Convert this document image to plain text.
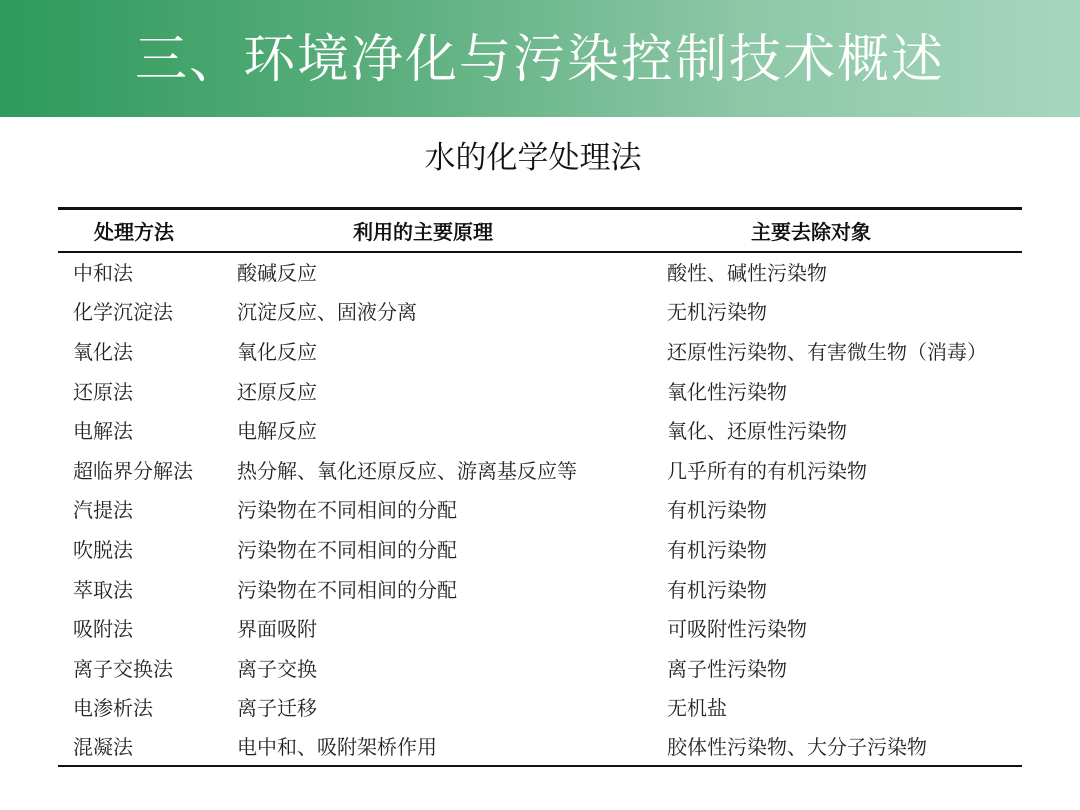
三、环境净化与污染控制技术概述
水的化学处理法
处理方法	利用的主要原理	主要去除对象
中和法	酸碱反应	酸性、碱性污染物
化学沉淀法	沉淀反应、固液分离	无机污染物
氧化法	氧化反应	还原性污染物、有害微生物（消毒）
还原法	还原反应	氧化性污染物
电解法	电解反应	氧化、还原性污染物
超临界分解法	热分解、氧化还原反应、游离基反应等	几乎所有的有机污染物
汽提法	污染物在不同相间的分配	有机污染物
吹脱法	污染物在不同相间的分配	有机污染物
萃取法	污染物在不同相间的分配	有机污染物
吸附法	界面吸附	可吸附性污染物
离子交换法	离子交换	离子性污染物
电渗析法	离子迁移	无机盐
混凝法	电中和、吸附架桥作用	胶体性污染物、大分子污染物
